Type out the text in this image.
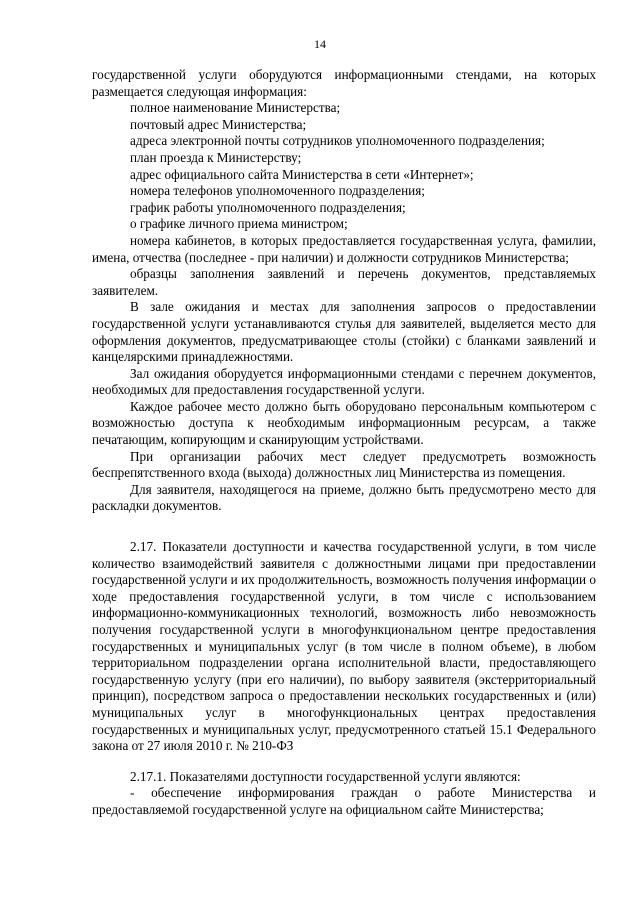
14

государственной услуги оборудуются информационными стендами, на которых

размещается следующая информация:

полное наименование Министерства;

почтовый адрес Министерства;

адреса электронной почты сотрудников уполномоченного подразделения;

план проезда к Министерству;

адрес официального сайта Министерства в сети «Интернет»;

номера телефонов уполномоченного подразделения;

график работы уполномоченного подразделения;

о графике личного приема министром;

номера кабинетов, в которых предоставляется государственная услуга, фамилии, имена, отчества (последнее - при наличии) и должности сотрудников Министерства;

образцы заполнения заявлений и перечень документов, представляемых заявителем.

В зале ожидания и местах для заполнения запросов о предоставлении государственной услуги устанавливаются стулья для заявителей, выделяется место для оформления документов, предусматривающее столы (стойки) с бланками заявлений и канцелярскими принадлежностями.

Зал ожидания оборудуется информационными стендами с перечнем документов, необходимых для предоставления государственной услуги.

Каждое рабочее место должно быть оборудовано персональным компьютером с возможностью доступа к необходимым информационным ресурсам, а также печатающим, копирующим и сканирующим устройствами.

При организации рабочих мест следует предусмотреть возможность беспрепятственного входа (выхода) должностных лиц Министерства из помещения.

Для заявителя, находящегося на приеме, должно быть предусмотрено место для раскладки документов.

2.17. Показатели доступности и качества государственной услуги, в том числе количество взаимодействий заявителя с должностными лицами при предоставлении государственной услуги и их продолжительность, возможность получения информации о ходе предоставления государственной услуги, в том числе с использованием информационно-коммуникационных технологий, возможность либо невозможность получения государственной услуги в многофункциональном центре предоставления государственных и муниципальных услуг (в том числе в полном объеме), в любом территориальном подразделении органа исполнительной власти, предоставляющего государственную услугу (при его наличии), по выбору заявителя (экстерриториальный принцип), посредством запроса о предоставлении нескольких государственных и (или) муниципальных услуг в многофункциональных центрах предоставления государственных и муниципальных услуг, предусмотренного статьей 15.1 Федерального закона от 27 июля 2010 г. № 210-ФЗ

2.17.1. Показателями доступности государственной услуги являются:

- обеспечение информирования граждан о работе Министерства и предоставляемой государственной услуге на официальном сайте Министерства;
